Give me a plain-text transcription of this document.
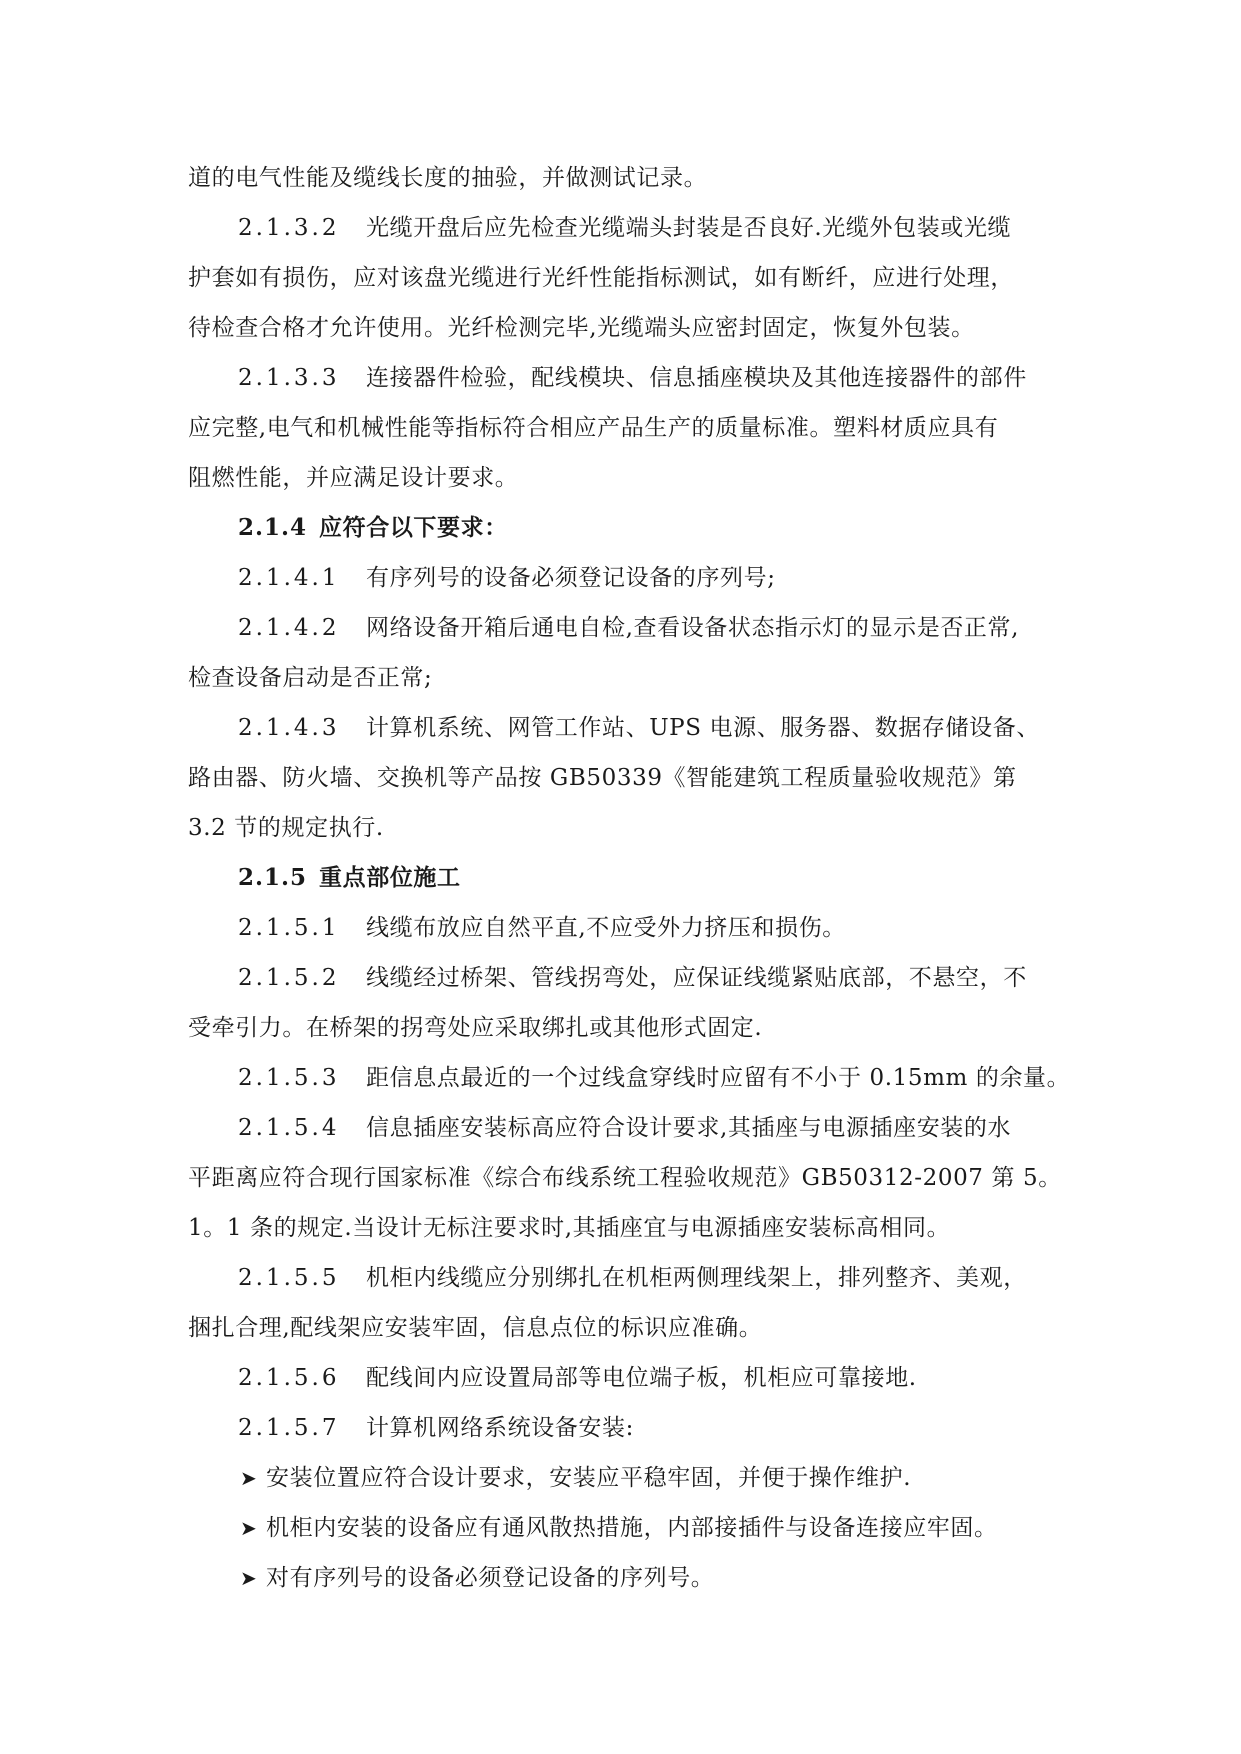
道的电气性能及缆线长度的抽验，并做测试记录。
2.1.3.2 光缆开盘后应先检查光缆端头封装是否良好.光缆外包装或光缆
护套如有损伤，应对该盘光缆进行光纤性能指标测试，如有断纤，应进行处理，
待检查合格才允许使用。光纤检测完毕,光缆端头应密封固定，恢复外包装。
2.1.3.3 连接器件检验，配线模块、信息插座模块及其他连接器件的部件
应完整,电气和机械性能等指标符合相应产品生产的质量标准。塑料材质应具有
阻燃性能，并应满足设计要求。
2.1.4 应符合以下要求：
2.1.4.1 有序列号的设备必须登记设备的序列号;
2.1.4.2 网络设备开箱后通电自检,查看设备状态指示灯的显示是否正常,
检查设备启动是否正常;
2.1.4.3 计算机系统、网管工作站、UPS 电源、服务器、数据存储设备、
路由器、防火墙、交换机等产品按 GB50339《智能建筑工程质量验收规范》第
3.2 节的规定执行.
2.1.5 重点部位施工
2.1.5.1 线缆布放应自然平直,不应受外力挤压和损伤。
2.1.5.2 线缆经过桥架、管线拐弯处，应保证线缆紧贴底部，不悬空，不
受牵引力。在桥架的拐弯处应采取绑扎或其他形式固定.
2.1.5.3 距信息点最近的一个过线盒穿线时应留有不小于 0.15mm 的余量。
2.1.5.4 信息插座安装标高应符合设计要求,其插座与电源插座安装的水
平距离应符合现行国家标准《综合布线系统工程验收规范》GB50312-2007 第 5。
1。1 条的规定.当设计无标注要求时,其插座宜与电源插座安装标高相同。
2.1.5.5 机柜内线缆应分别绑扎在机柜两侧理线架上，排列整齐、美观，
捆扎合理,配线架应安装牢固，信息点位的标识应准确。
2.1.5.6 配线间内应设置局部等电位端子板，机柜应可靠接地.
2.1.5.7 计算机网络系统设备安装:
➤ 安装位置应符合设计要求，安装应平稳牢固，并便于操作维护.
➤ 机柜内安装的设备应有通风散热措施，内部接插件与设备连接应牢固。
➤ 对有序列号的设备必须登记设备的序列号。
